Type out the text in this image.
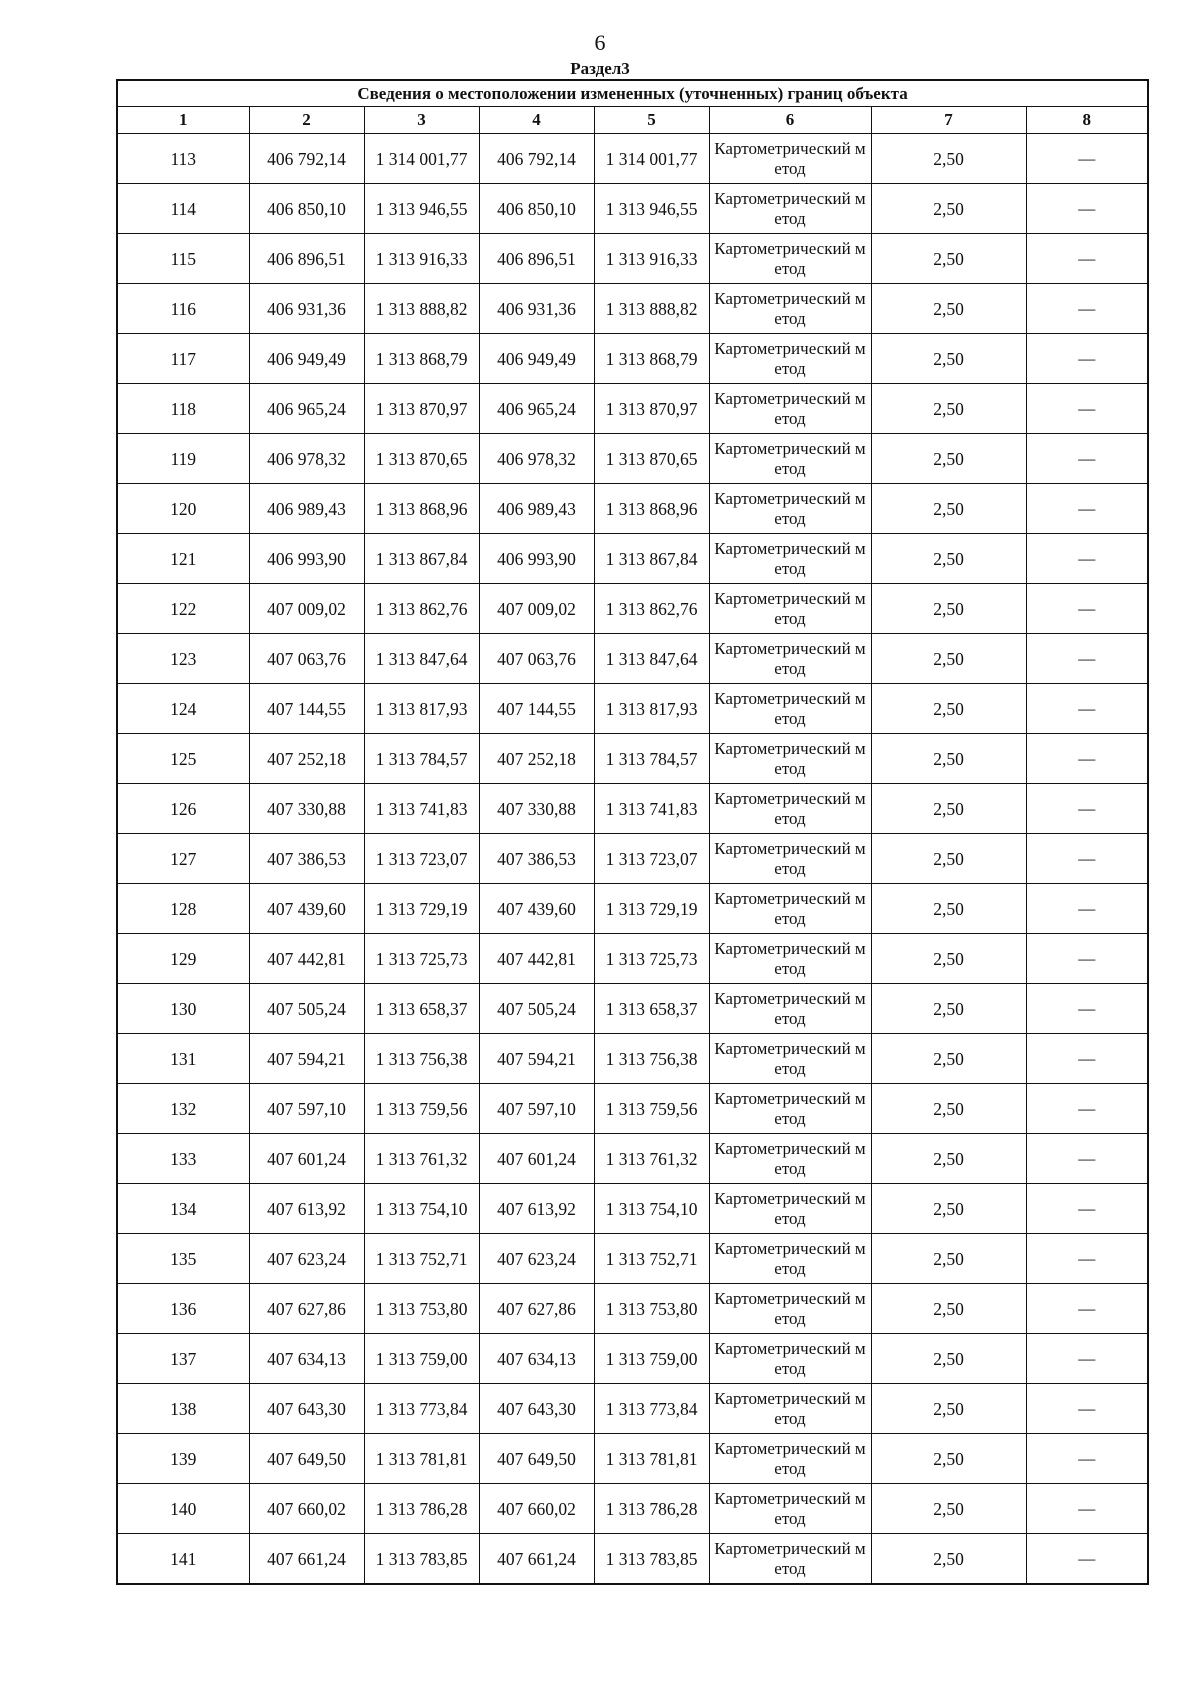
6
Раздел3
Сведения о местоположении измененных (уточненных) границ объекта							
1	2	3	4	5	6	7	8
113	406 792,14	1 314 001,77	406 792,14	1 314 001,77	Картометрический метод	2,50	—
114	406 850,10	1 313 946,55	406 850,10	1 313 946,55	Картометрический метод	2,50	—
115	406 896,51	1 313 916,33	406 896,51	1 313 916,33	Картометрический метод	2,50	—
116	406 931,36	1 313 888,82	406 931,36	1 313 888,82	Картометрический метод	2,50	—
117	406 949,49	1 313 868,79	406 949,49	1 313 868,79	Картометрический метод	2,50	—
118	406 965,24	1 313 870,97	406 965,24	1 313 870,97	Картометрический метод	2,50	—
119	406 978,32	1 313 870,65	406 978,32	1 313 870,65	Картометрический метод	2,50	—
120	406 989,43	1 313 868,96	406 989,43	1 313 868,96	Картометрический метод	2,50	—
121	406 993,90	1 313 867,84	406 993,90	1 313 867,84	Картометрический метод	2,50	—
122	407 009,02	1 313 862,76	407 009,02	1 313 862,76	Картометрический метод	2,50	—
123	407 063,76	1 313 847,64	407 063,76	1 313 847,64	Картометрический метод	2,50	—
124	407 144,55	1 313 817,93	407 144,55	1 313 817,93	Картометрический метод	2,50	—
125	407 252,18	1 313 784,57	407 252,18	1 313 784,57	Картометрический метод	2,50	—
126	407 330,88	1 313 741,83	407 330,88	1 313 741,83	Картометрический метод	2,50	—
127	407 386,53	1 313 723,07	407 386,53	1 313 723,07	Картометрический метод	2,50	—
128	407 439,60	1 313 729,19	407 439,60	1 313 729,19	Картометрический метод	2,50	—
129	407 442,81	1 313 725,73	407 442,81	1 313 725,73	Картометрический метод	2,50	—
130	407 505,24	1 313 658,37	407 505,24	1 313 658,37	Картометрический метод	2,50	—
131	407 594,21	1 313 756,38	407 594,21	1 313 756,38	Картометрический метод	2,50	—
132	407 597,10	1 313 759,56	407 597,10	1 313 759,56	Картометрический метод	2,50	—
133	407 601,24	1 313 761,32	407 601,24	1 313 761,32	Картометрический метод	2,50	—
134	407 613,92	1 313 754,10	407 613,92	1 313 754,10	Картометрический метод	2,50	—
135	407 623,24	1 313 752,71	407 623,24	1 313 752,71	Картометрический метод	2,50	—
136	407 627,86	1 313 753,80	407 627,86	1 313 753,80	Картометрический метод	2,50	—
137	407 634,13	1 313 759,00	407 634,13	1 313 759,00	Картометрический метод	2,50	—
138	407 643,30	1 313 773,84	407 643,30	1 313 773,84	Картометрический метод	2,50	—
139	407 649,50	1 313 781,81	407 649,50	1 313 781,81	Картометрический метод	2,50	—
140	407 660,02	1 313 786,28	407 660,02	1 313 786,28	Картометрический метод	2,50	—
141	407 661,24	1 313 783,85	407 661,24	1 313 783,85	Картометрический метод	2,50	—
